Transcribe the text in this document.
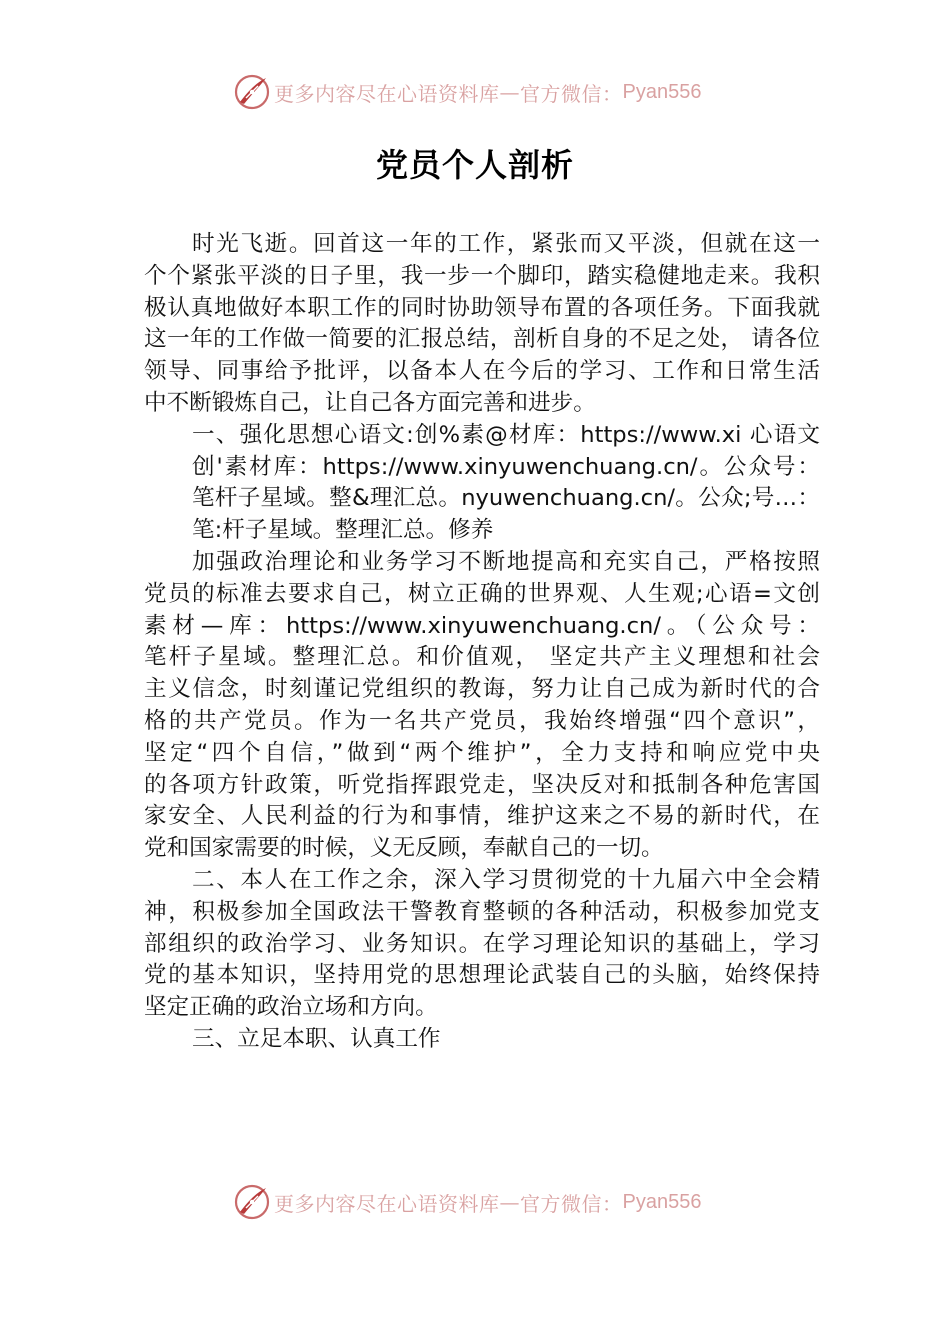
更多内容尽在心语资料库 — 官方微信： Pyan556
党员个人剖析
时光飞逝。回首这一年的工作，紧张而又平淡，但就在这一
个个紧张平淡的日子里，我一步一个脚印，踏实稳健地走来。我积
极认真地做好本职工作的同时协助领导布置的各项任务。下面我就
这一年的工作做一简要的汇报总结，剖析自身的不足之处， 请各位
领导、同事给予批评，以备本人在今后的学习、工作和日常生活
中不断锻炼自己，让自己各方面完善和进步。
一、强化思想心语文:创%素@材库：https://www.xi 心语文
创'素材库：https://www.xinyuwenchuang.cn/。公众号：
笔杆子星域。整&理汇总。nyuwenchuang.cn/。公众;号…：
笔:杆子星域。整理汇总。修养
加强政治理论和业务学习不断地提高和充实自己，严格按照
党员的标准去要求自己，树立正确的世界观、人生观;心语=文创
素材—库：https://www.xinyuwenchuang.cn/。（公众号：
笔杆子星域。整理汇总。和价值观， 坚定共产主义理想和社会
主义信念，时刻谨记党组织的教诲，努力让自己成为新时代的合
格的共产党员。作为一名共产党员，我始终增强“四个意识”，
坚定“四个自信，”做到“两个维护”，全力支持和响应党中央
的各项方针政策，听党指挥跟党走，坚决反对和抵制各种危害国
家安全、人民利益的行为和事情，维护这来之不易的新时代，在
党和国家需要的时候，义无反顾，奉献自己的一切。
二、本人在工作之余，深入学习贯彻党的十九届六中全会精
神，积极参加全国政法干警教育整顿的各种活动，积极参加党支
部组织的政治学习、业务知识。在学习理论知识的基础上，学习
党的基本知识，坚持用党的思想理论武装自己的头脑，始终保持
坚定正确的政治立场和方向。
三、立足本职、认真工作
更多内容尽在心语资料库 — 官方微信： Pyan556
